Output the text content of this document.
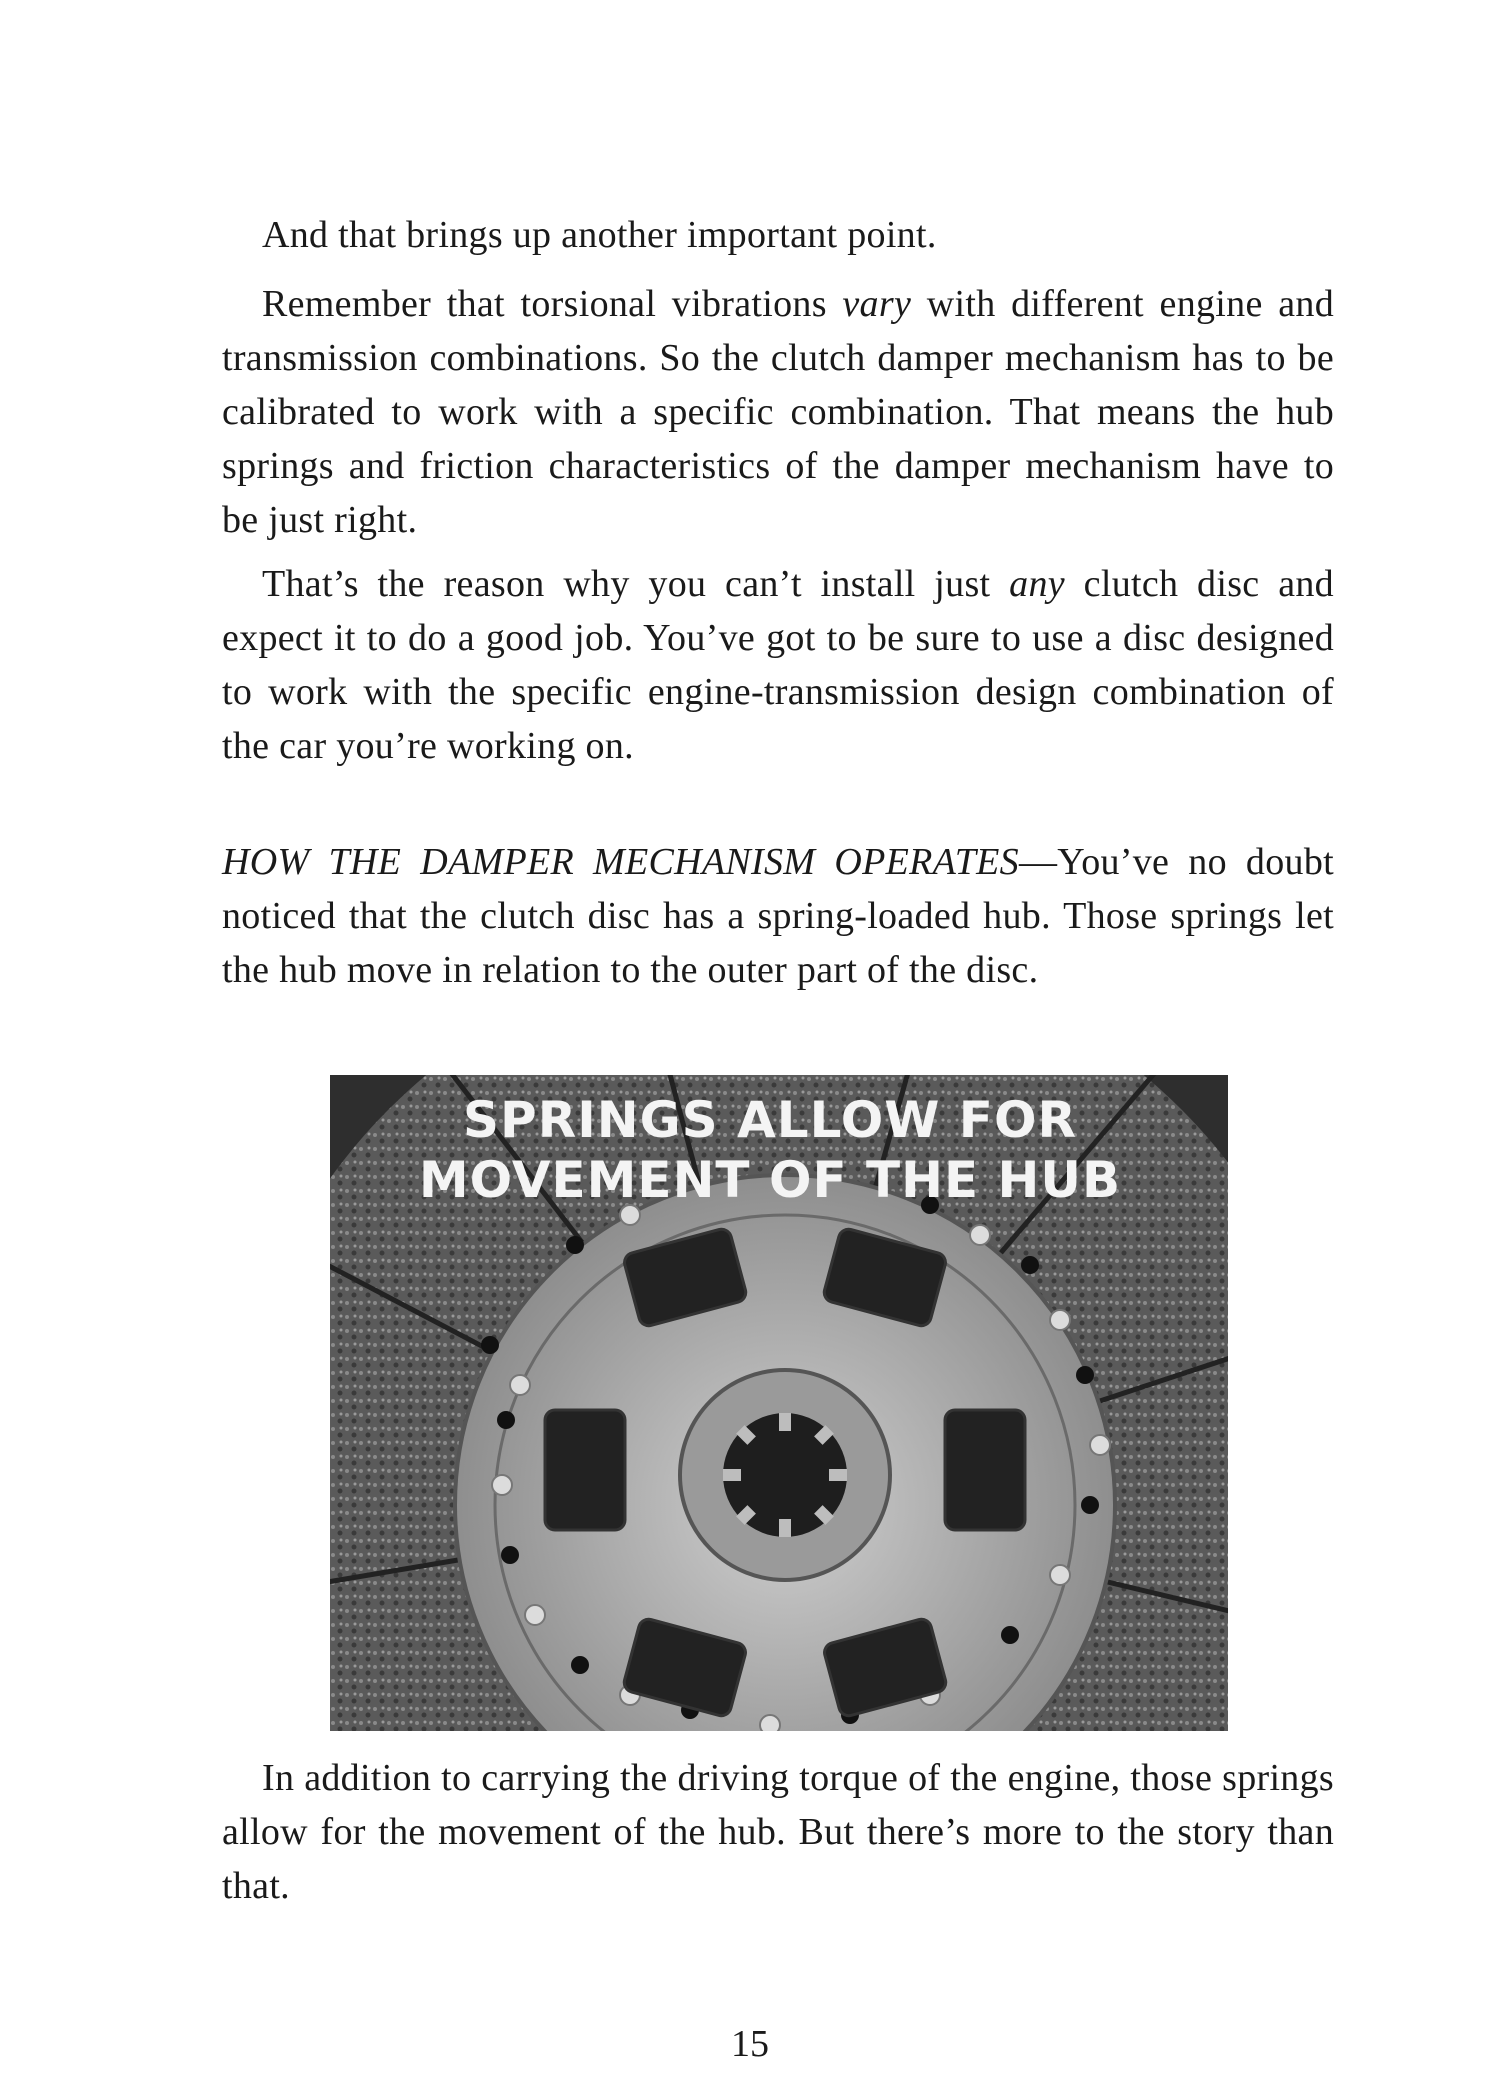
And that brings up another important point.

Remember that torsional vibrations vary with different engine and transmission combinations. So the clutch damper mechanism has to be calibrated to work with a specific combination. That means the hub springs and friction characteristics of the damper mechanism have to be just right.

That’s the reason why you can’t install just any clutch disc and expect it to do a good job. You’ve got to be sure to use a disc designed to work with the specific engine-transmission design combination of the car you’re working on.

HOW THE DAMPER MECHANISM OPERATES—You’ve no doubt noticed that the clutch disc has a spring-loaded hub. Those springs let the hub move in relation to the outer part of the disc.

SPRINGS ALLOW FOR
MOVEMENT OF THE HUB

In addition to carrying the driving torque of the engine, those springs allow for the movement of the hub. But there’s more to the story than that.

15
